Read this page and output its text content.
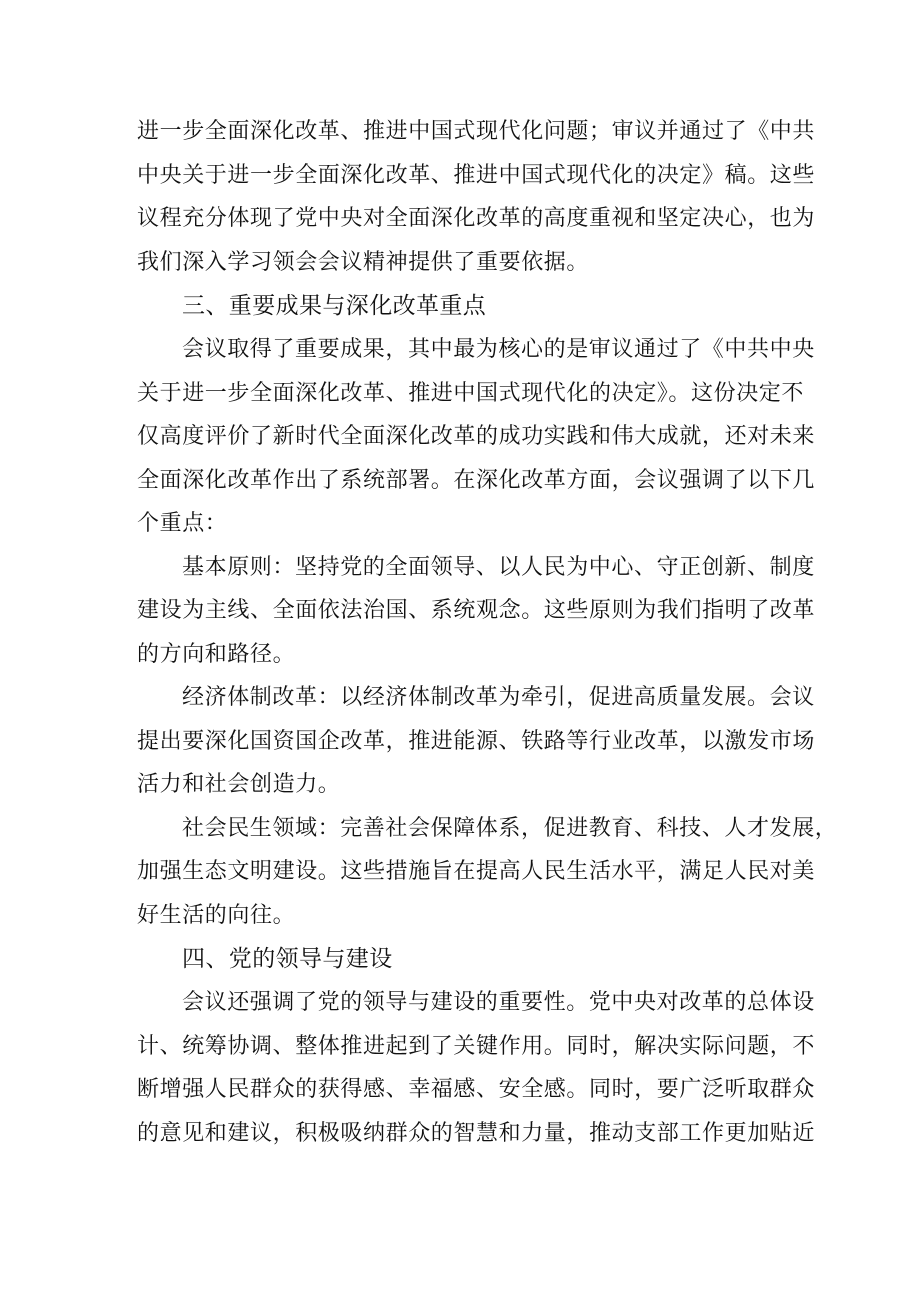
进一步全面深化改革、推进中国式现代化问题；审议并通过了《中共
中央关于进一步全面深化改革、推进中国式现代化的决定》稿。这些
议程充分体现了党中央对全面深化改革的高度重视和坚定决心，也为
我们深入学习领会会议精神提供了重要依据。
三、重要成果与深化改革重点
会议取得了重要成果，其中最为核心的是审议通过了《中共中央
关于进一步全面深化改革、推进中国式现代化的决定》。这份决定不
仅高度评价了新时代全面深化改革的成功实践和伟大成就，还对未来
全面深化改革作出了系统部署。在深化改革方面，会议强调了以下几
个重点：
基本原则：坚持党的全面领导、以人民为中心、守正创新、制度
建设为主线、全面依法治国、系统观念。这些原则为我们指明了改革
的方向和路径。
经济体制改革：以经济体制改革为牵引，促进高质量发展。会议
提出要深化国资国企改革，推进能源、铁路等行业改革，以激发市场
活力和社会创造力。
社会民生领域：完善社会保障体系，促进教育、科技、人才发展，
加强生态文明建设。这些措施旨在提高人民生活水平，满足人民对美
好生活的向往。
四、党的领导与建设
会议还强调了党的领导与建设的重要性。党中央对改革的总体设
计、统筹协调、整体推进起到了关键作用。同时，解决实际问题，不
断增强人民群众的获得感、幸福感、安全感。同时，要广泛听取群众
的意见和建议，积极吸纳群众的智慧和力量，推动支部工作更加贴近
